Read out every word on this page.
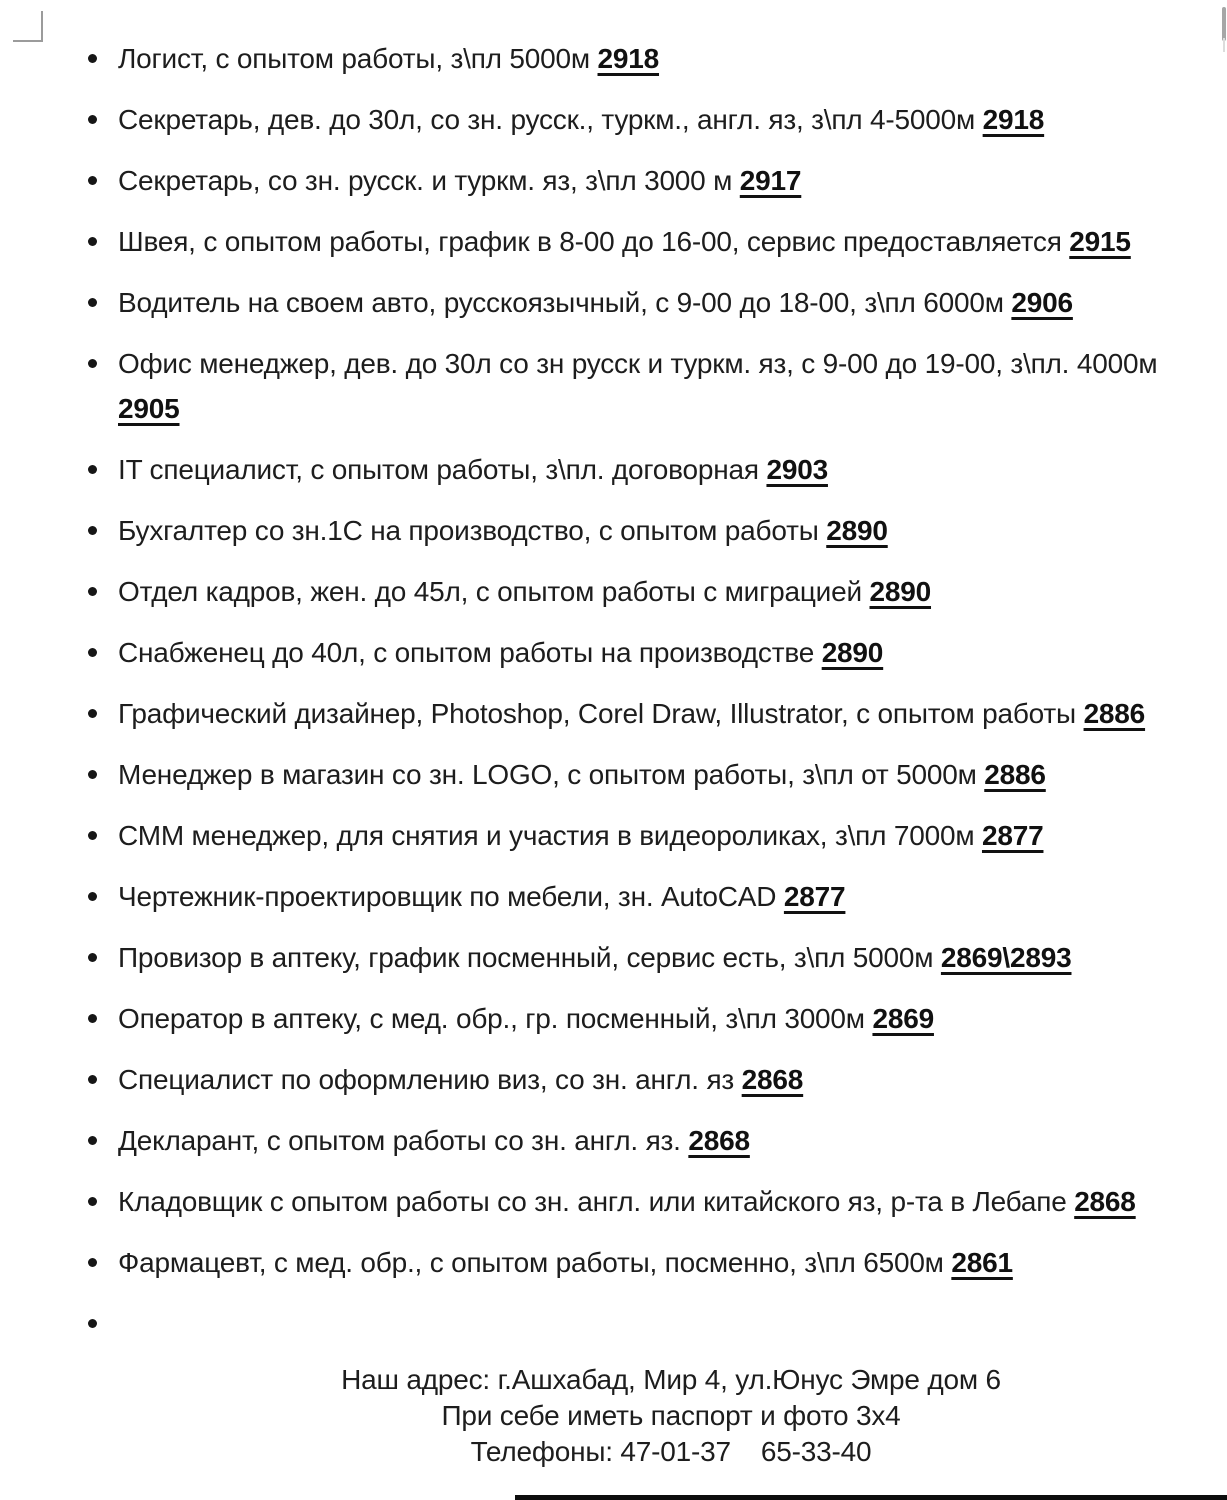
Логист, с опытом работы, з\пл 5000м 2918
Секретарь, дев. до 30л, со зн. русск., туркм., англ. яз, з\пл 4-5000м 2918
Секретарь, со зн. русск. и туркм. яз, з\пл 3000 м 2917
Швея, с опытом работы, график в 8-00 до 16-00, сервис предоставляется 2915
Водитель на своем авто, русскоязычный, с 9-00 до 18-00, з\пл 6000м 2906
Офис менеджер, дев. до 30л со зн русск и туркм. яз, с 9-00 до 19-00, з\пл. 4000м 2905
IT специалист, с опытом работы, з\пл. договорная 2903
Бухгалтер со зн.1С на производство, с опытом работы 2890
Отдел кадров, жен. до 45л, с опытом работы с миграцией 2890
Снабженец до 40л, с опытом работы на производстве 2890
Графический дизайнер, Photoshop, Corel Draw, Illustrator, с опытом работы 2886
Менеджер в магазин со зн. LOGO, с опытом работы, з\пл от 5000м 2886
СММ менеджер, для снятия и участия в видеороликах, з\пл 7000м 2877
Чертежник-проектировщик по мебели, зн. AutoCAD 2877
Провизор в аптеку, график посменный, сервис есть, з\пл 5000м 2869\2893
Оператор в аптеку, с мед. обр., гр. посменный, з\пл 3000м 2869
Специалист по оформлению виз, со зн. англ. яз 2868
Декларант, с опытом работы со зн. англ. яз. 2868
Кладовщик с опытом работы со зн. англ. или китайского яз, р-та в Лебапе 2868
Фармацевт, с мед. обр., с опытом работы, посменно, з\пл 6500м 2861
Наш адрес: г.Ашхабад, Мир 4, ул.Юнус Эмре дом 6
При себе иметь паспорт и фото 3х4
Телефоны: 47-01-37 65-33-40
